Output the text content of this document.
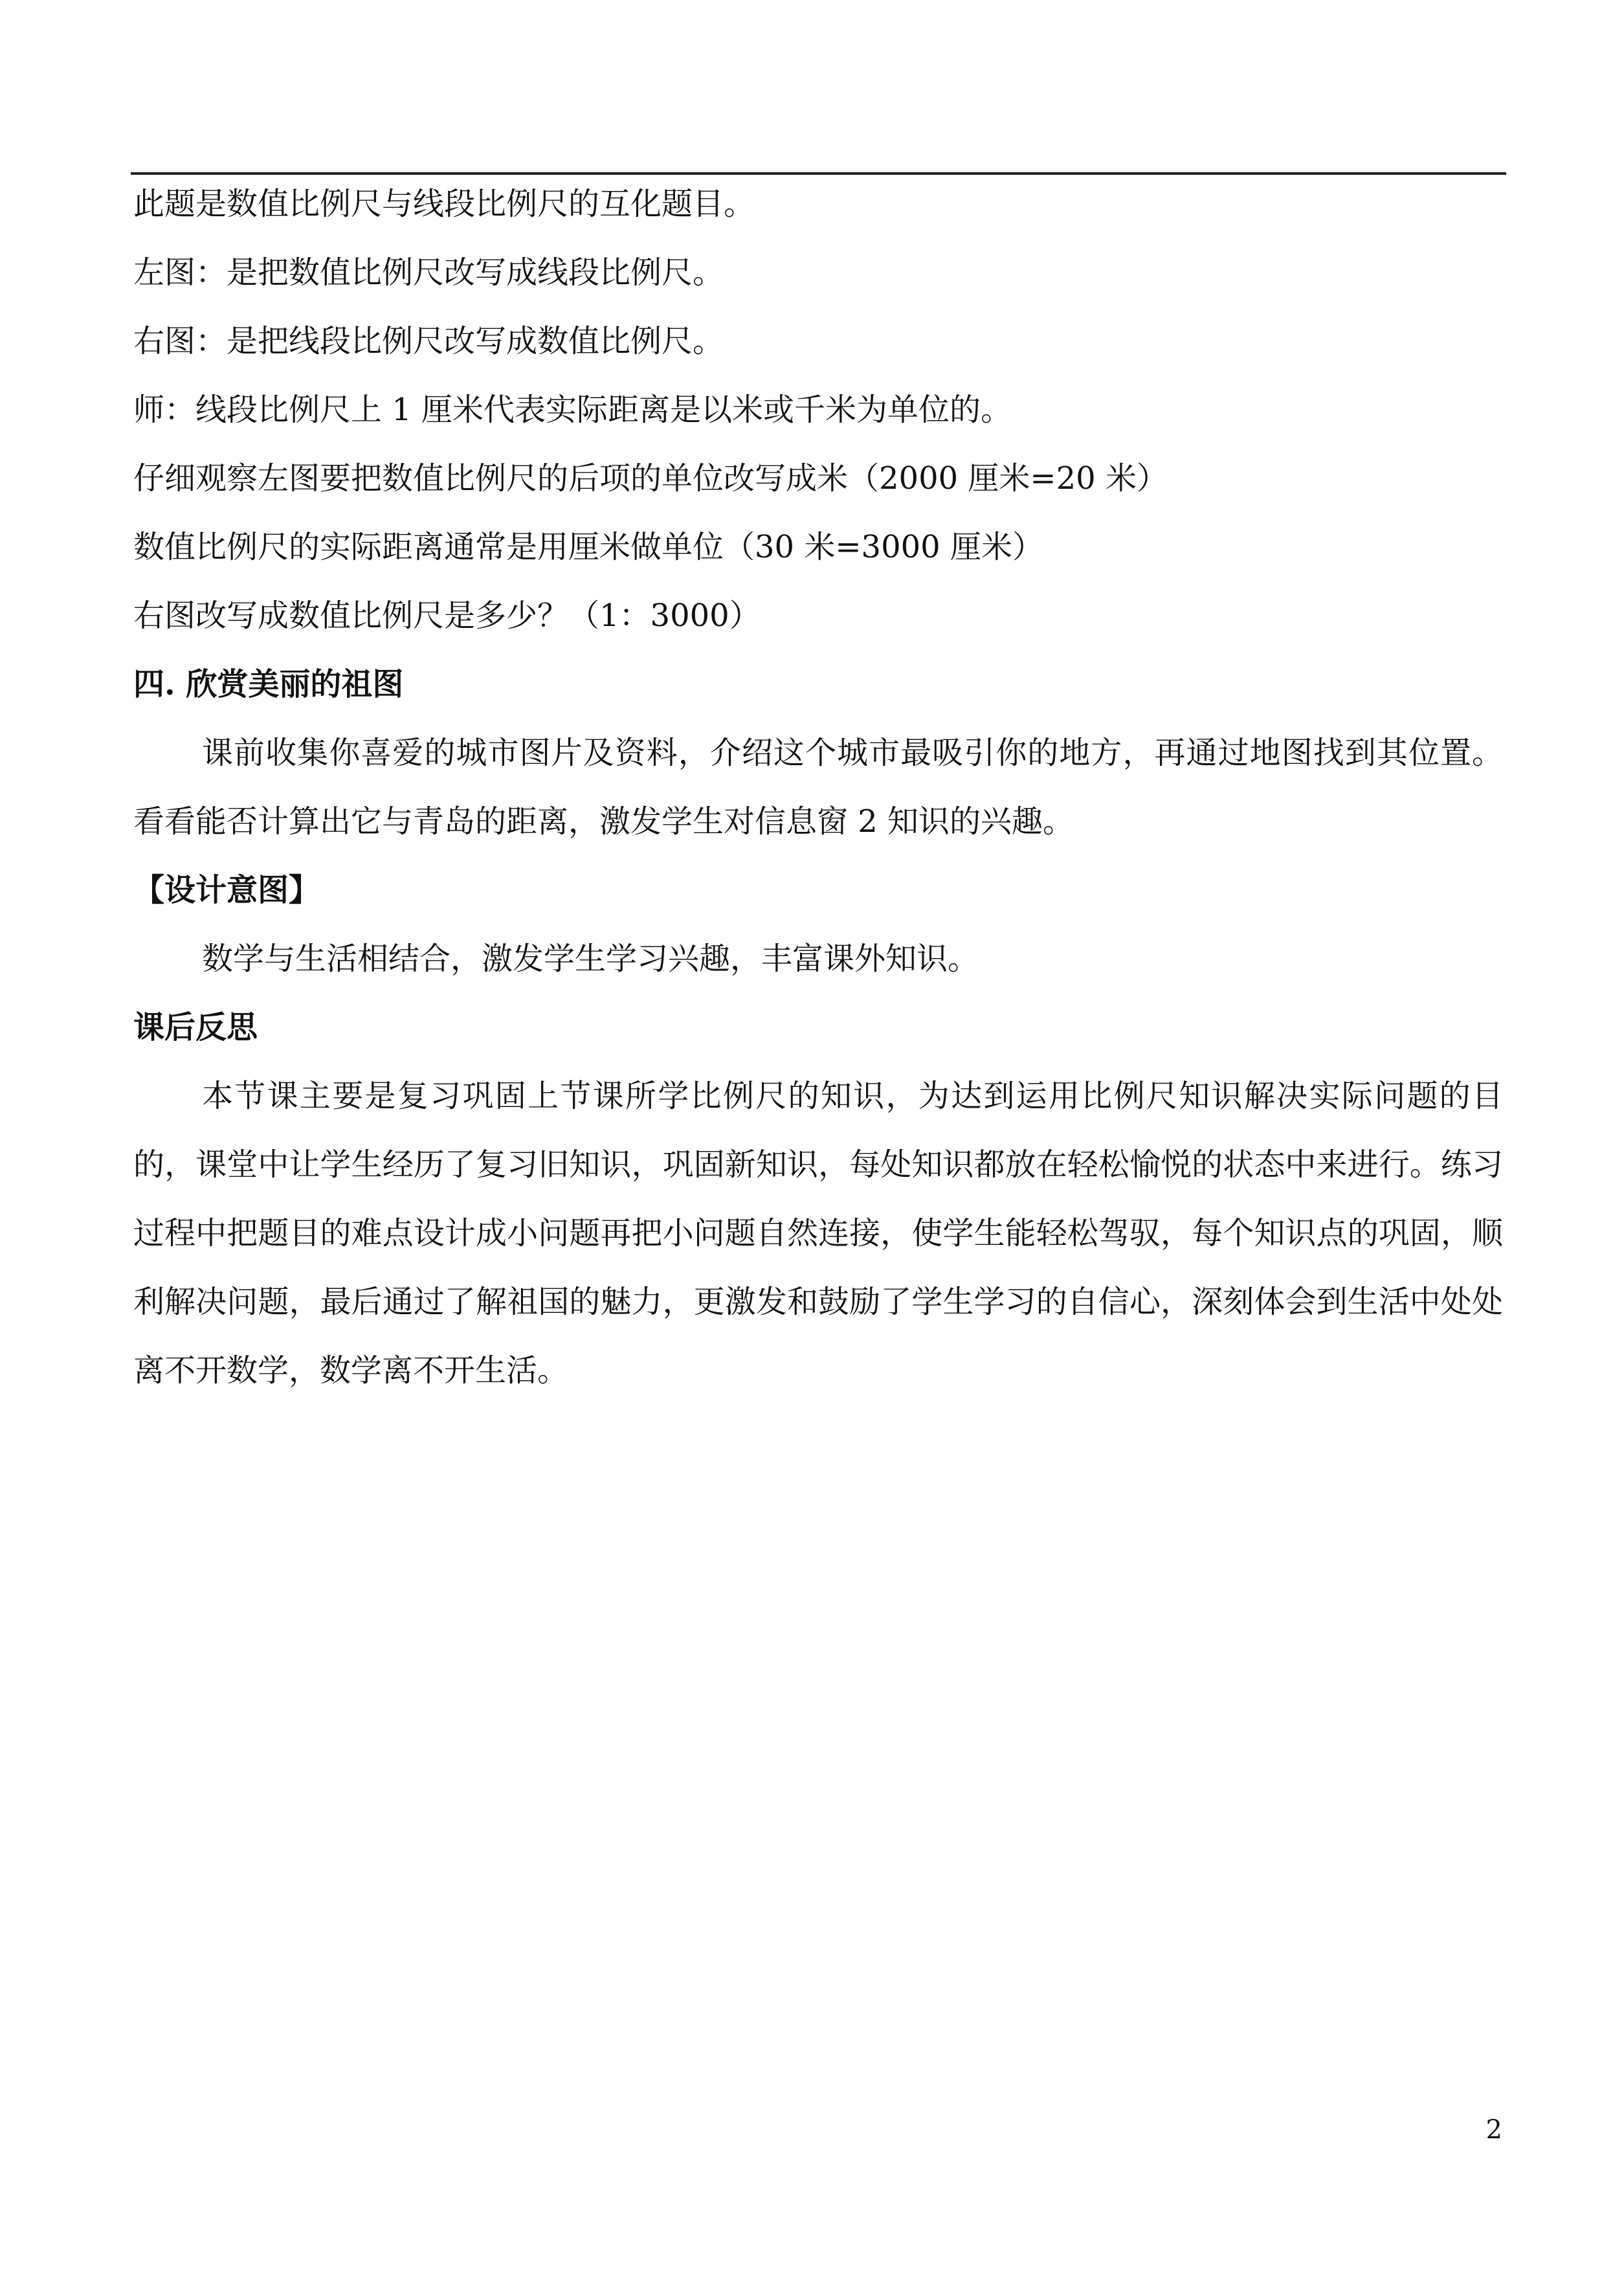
此题是数值比例尺与线段比例尺的互化题目。
左图：是把数值比例尺改写成线段比例尺。
右图：是把线段比例尺改写成数值比例尺。
师：线段比例尺上 1 厘米代表实际距离是以米或千米为单位的。
仔细观察左图要把数值比例尺的后项的单位改写成米（2000 厘米=20 米）
数值比例尺的实际距离通常是用厘米做单位（30 米=3000 厘米）
右图改写成数值比例尺是多少？（1：3000）
四. 欣赏美丽的祖图
课前收集你喜爱的城市图片及资料，介绍这个城市最吸引你的地方，再通过地图找到其位置。看看能否计算出它与青岛的距离，激发学生对信息窗 2 知识的兴趣。
【设计意图】
数学与生活相结合，激发学生学习兴趣，丰富课外知识。
课后反思
本节课主要是复习巩固上节课所学比例尺的知识，为达到运用比例尺知识解决实际问题的目的，课堂中让学生经历了复习旧知识，巩固新知识，每处知识都放在轻松愉悦的状态中来进行。练习过程中把题目的难点设计成小问题再把小问题自然连接，使学生能轻松驾驭，每个知识点的巩固，顺利解决问题，最后通过了解祖国的魅力，更激发和鼓励了学生学习的自信心，深刻体会到生活中处处离不开数学，数学离不开生活。
2
